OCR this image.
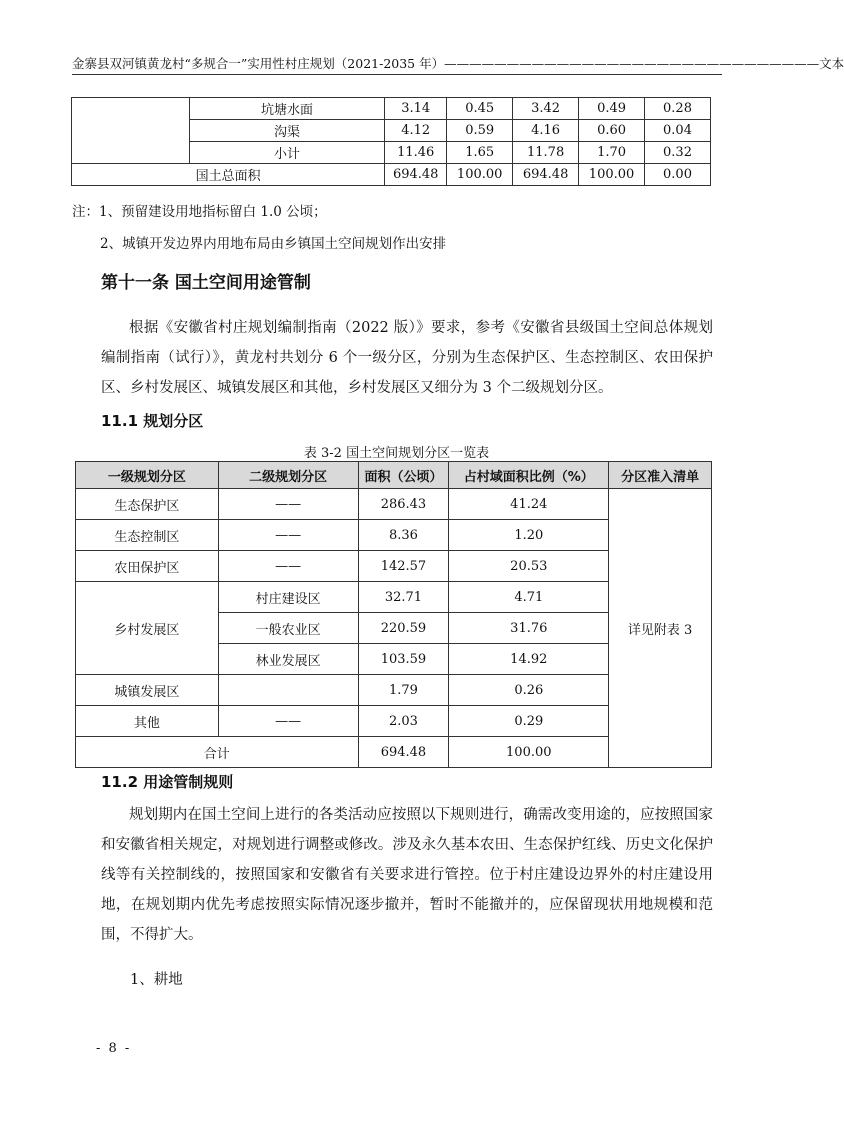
金寨县双河镇黄龙村“多规合一”实用性村庄规划（2021-2035 年）——————————————————————————————文本
	坑塘水面	3.14	0.45	3.42	0.49	0.28
	沟渠	4.12	0.59	4.16	0.60	0.04
	小计	11.46	1.65	11.78	1.70	0.32
国土总面积		694.48	100.00	694.48	100.00	0.00
注：1、预留建设用地指标留白 1.0 公顷；
2、城镇开发边界内用地布局由乡镇国土空间规划作出安排
第十一条 国土空间用途管制
根据《安徽省村庄规划编制指南（2022 版）》要求，参考《安徽省县级国土空间总体规划编制指南（试行）》，黄龙村共划分 6 个一级分区，分别为生态保护区、生态控制区、农田保护区、乡村发展区、城镇发展区和其他，乡村发展区又细分为 3 个二级规划分区。
11.1 规划分区
表 3-2 国土空间规划分区一览表
一级规划分区	二级规划分区	面积（公顷）	占村域面积比例（%）	分区准入清单
生态保护区	——	286.43	41.24	详见附表 3
生态控制区	——	8.36	1.20	
农田保护区	——	142.57	20.53	
乡村发展区	村庄建设区	32.71	4.71	
	一般农业区	220.59	31.76	
	林业发展区	103.59	14.92	
城镇发展区		1.79	0.26	
其他	——	2.03	0.29	
合计		694.48	100.00	
11.2 用途管制规则
规划期内在国土空间上进行的各类活动应按照以下规则进行，确需改变用途的，应按照国家和安徽省相关规定，对规划进行调整或修改。涉及永久基本农田、生态保护红线、历史文化保护线等有关控制线的，按照国家和安徽省有关要求进行管控。位于村庄建设边界外的村庄建设用地，在规划期内优先考虑按照实际情况逐步撤并，暂时不能撤并的，应保留现状用地规模和范围，不得扩大。
1、耕地
- 8 -
